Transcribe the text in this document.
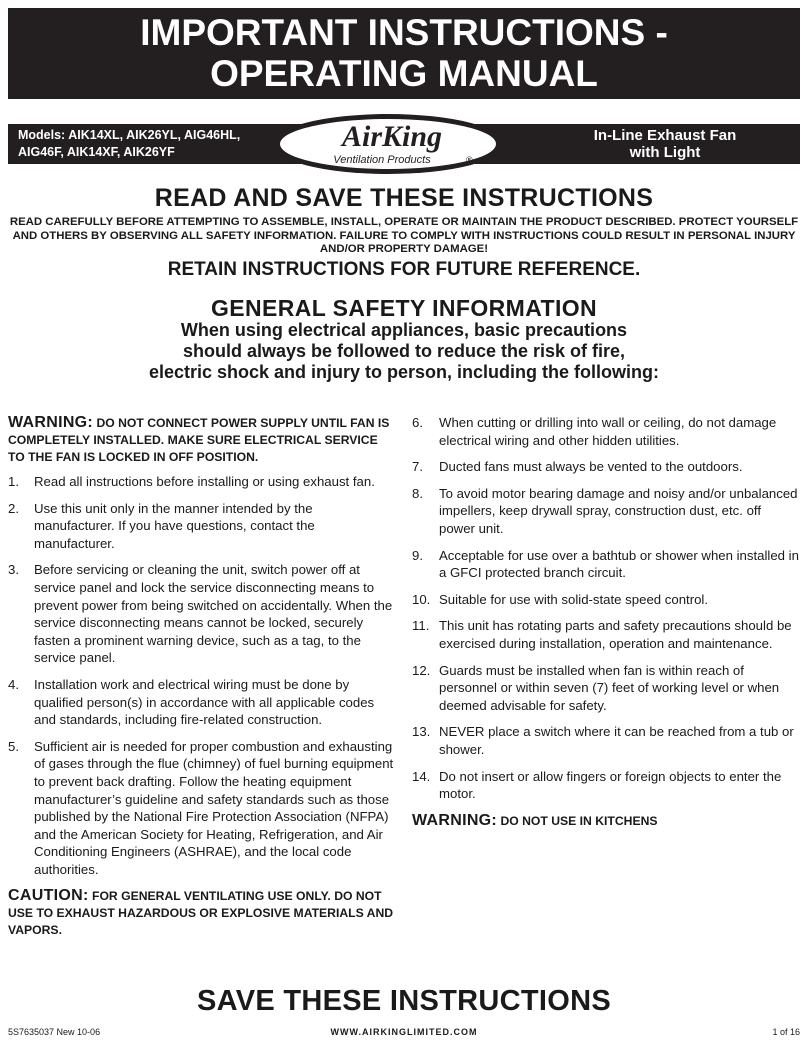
IMPORTANT INSTRUCTIONS -
OPERATING MANUAL
Models: AIK14XL, AIK26YL, AIG46HL,
AIG46F, AIK14XF, AIK26YF
In-Line Exhaust Fan
with Light
AirKing
Ventilation Products	®
READ AND SAVE THESE INSTRUCTIONS
READ CAREFULLY BEFORE ATTEMPTING TO ASSEMBLE, INSTALL, OPERATE OR MAINTAIN THE PRODUCT DESCRIBED. PROTECT YOURSELF AND OTHERS BY OBSERVING ALL SAFETY INFORMATION. FAILURE TO COMPLY WITH INSTRUCTIONS COULD RESULT IN PERSONAL INJURY AND/OR PROPERTY DAMAGE!
RETAIN INSTRUCTIONS FOR FUTURE REFERENCE.
GENERAL SAFETY INFORMATION
When using electrical appliances, basic precautions
should always be followed to reduce the risk of fire,
electric shock and injury to person, including the following:
WARNING: DO NOT CONNECT POWER SUPPLY UNTIL FAN IS COMPLETELY INSTALLED. MAKE SURE ELECTRICAL SERVICE TO THE FAN IS LOCKED IN OFF POSITION.
1. Read all instructions before installing or using exhaust fan.
2. Use this unit only in the manner intended by the manufacturer. If you have questions, contact the manufacturer.
3. Before servicing or cleaning the unit, switch power off at service panel and lock the service disconnecting means to prevent power from being switched on accidentally. When the service disconnecting means cannot be locked, securely fasten a prominent warning device, such as a tag, to the service panel.
4. Installation work and electrical wiring must be done by qualified person(s) in accordance with all applicable codes and standards, including fire-related construction.
5. Sufficient air is needed for proper combustion and exhausting of gases through the flue (chimney) of fuel burning equipment to prevent back drafting. Follow the heating equipment manufacturer’s guideline and safety standards such as those published by the National Fire Protection Association (NFPA) and the American Society for Heating, Refrigeration, and Air Conditioning Engineers (ASHRAE), and the local code authorities.
CAUTION: FOR GENERAL VENTILATING USE ONLY. DO NOT USE TO EXHAUST HAZARDOUS OR EXPLOSIVE MATERIALS AND VAPORS.
6. When cutting or drilling into wall or ceiling, do not damage electrical wiring and other hidden utilities.
7. Ducted fans must always be vented to the outdoors.
8. To avoid motor bearing damage and noisy and/or unbalanced impellers, keep drywall spray, construction dust, etc. off power unit.
9. Acceptable for use over a bathtub or shower when installed in a GFCI protected branch circuit.
10. Suitable for use with solid-state speed control.
11. This unit has rotating parts and safety precautions should be exercised during installation, operation and maintenance.
12. Guards must be installed when fan is within reach of personnel or within seven (7) feet of working level or when deemed advisable for safety.
13. NEVER place a switch where it can be reached from a tub or shower.
14. Do not insert or allow fingers or foreign objects to enter the motor.
WARNING: DO NOT USE IN KITCHENS
SAVE THESE INSTRUCTIONS
5S7635037 New 10-06	WWW.AIRKINGLIMITED.COM	1 of 16
